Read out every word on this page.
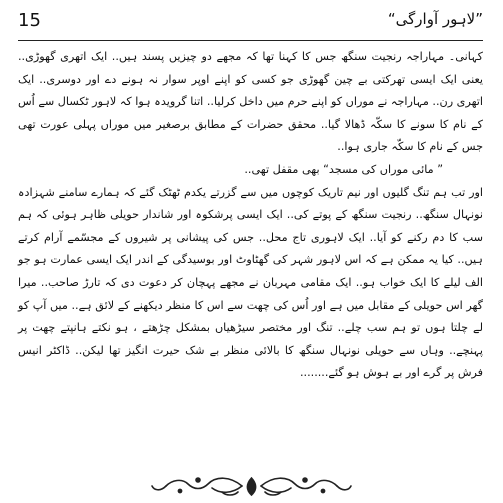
15	”لاہور آوارگی“

کہانی۔ مہاراجہ رنجیت سنگھ جس کا کہنا تھا کہ مجھے دو چیزیں پسند ہیں.. ایک اتھری گھوڑی.. یعنی ایک ایسی تھرکتی بے چین گھوڑی جو کسی کو اپنے اوپر سوار نہ ہونے دے اور دوسری.. ایک اتھری رن.. مہاراجہ نے موراں کو اپنے حرم میں داخل کرلیا.. اتنا گرویدہ ہوا کہ لاہور ٹکسال سے اُس کے نام کا سونے کا سکّہ ڈھالا گیا.. محقق حضرات کے مطابق برصغیر میں موراں پہلی عورت تھی جس کے نام کا سکّہ جاری ہوا..

” مائی موراں کی مسجد“ بھی مقفل تھی..

اور تب ہم تنگ گلیوں اور نیم تاریک کوچوں میں سے گزرتے یکدم ٹھٹک گئے کہ ہمارے سامنے شہزادہ نونہال سنگھ.. رنجیت سنگھ کے پوتے کی.. ایک ایسی پرشکوہ اور شاندار حویلی ظاہر ہوئی کہ ہم سب کا دم رکنے کو آیا.. ایک لاہوری تاج محل.. جس کی پیشانی پر شیروں کے مجسّمے آرام کرتے ہیں.. کیا یہ ممکن ہے کہ اس لاہور شہر کی گھٹاوٹ اور بوسیدگی کے اندر ایک ایسی عمارت ہو جو الف لیلے کا ایک خواب ہو.. ایک مقامی مہربان نے مجھے پہچان کر دعوت دی کہ تارڑ صاحب.. میرا گھر اس حویلی کے مقابل میں ہے اور اُس کی چھت سے اس کا منظر دیکھنے کے لائق ہے.. میں آپ کو لے چلتا ہوں تو ہم سب چلے.. تنگ اور مختصر سیڑھیاں بمشکل چڑھتے ، ہو نکتے ہانپتے چھت پر پہنچے.. وہاں سے حویلی نونہال سنگھ کا بالائی منظر بے شک حیرت انگیز تھا لیکن.. ڈاکٹر انیس فرش پر گرے اور بے ہوش ہو گئے........
